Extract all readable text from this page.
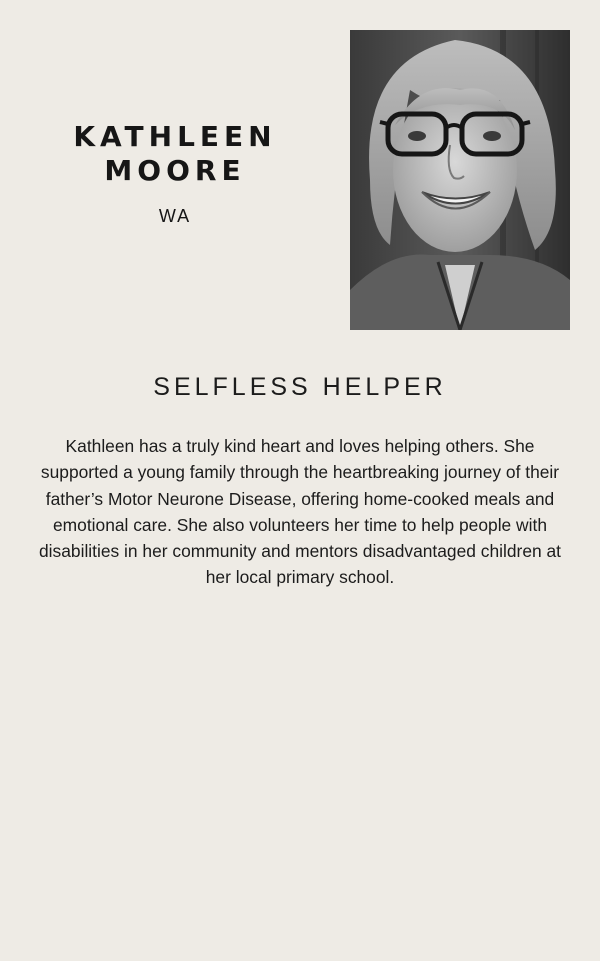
KATHLEEN
MOORE
WA
SELFLESS HELPER

Kathleen has a truly kind heart and loves helping others. She supported a young family through the heartbreaking journey of their father’s Motor Neurone Disease, offering home-cooked meals and emotional care. She also volunteers her time to help people with disabilities in her community and mentors disadvantaged children at her local primary school.
